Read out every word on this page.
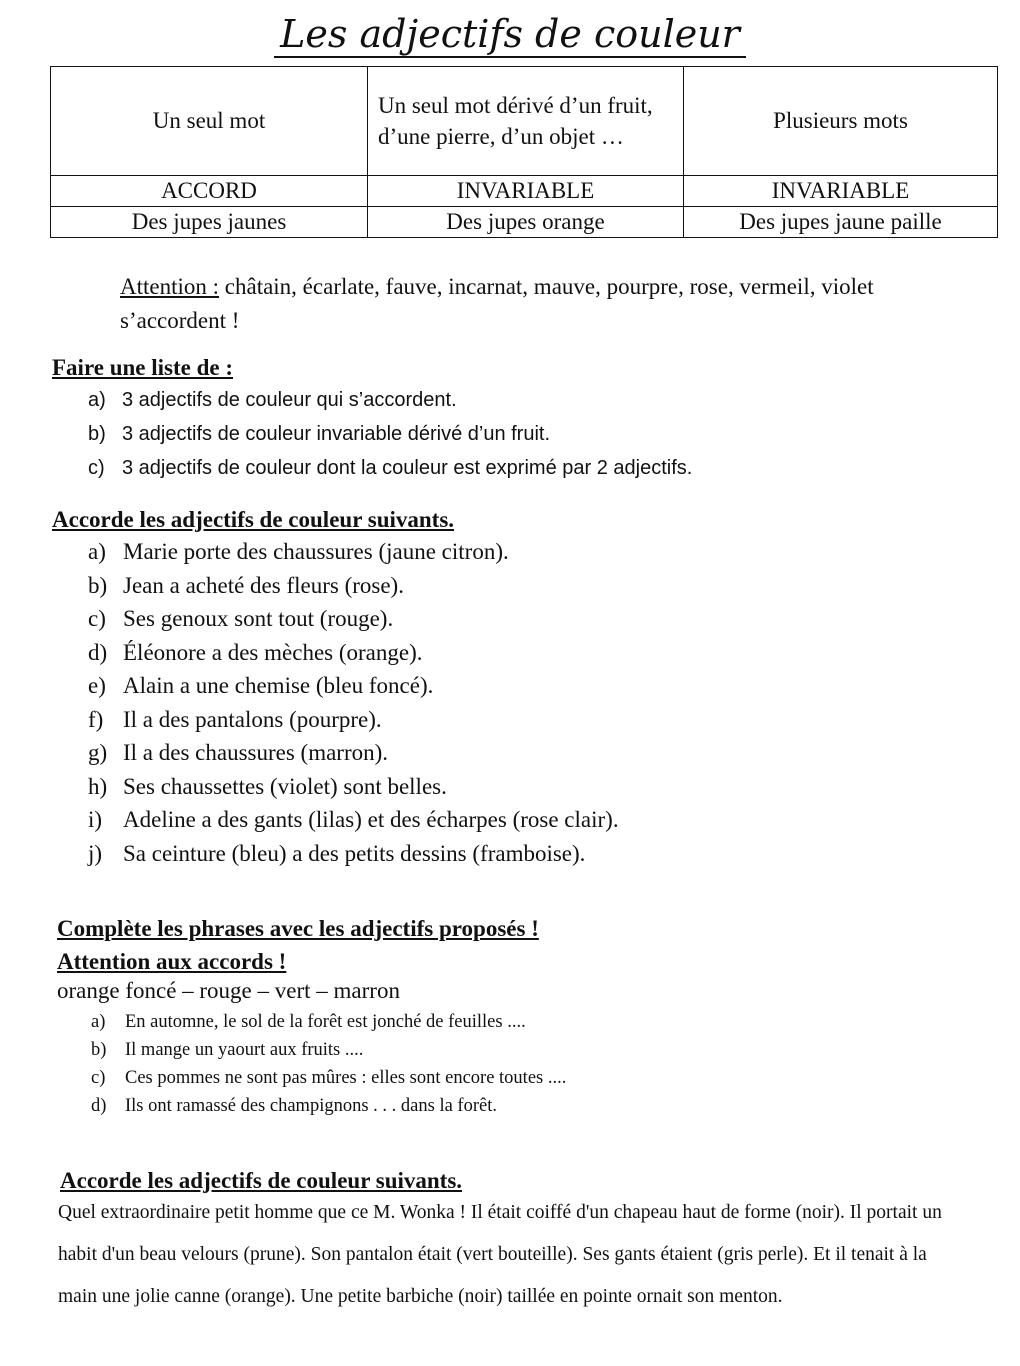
Les adjectifs de couleur
Un seul mot	Un seul mot dérivé d’un fruit, d’une pierre, d’un objet …	Plusieurs mots
ACCORD	INVARIABLE	INVARIABLE
Des jupes jaunes	Des jupes orange	Des jupes jaune paille
Attention : châtain, écarlate, fauve, incarnat, mauve, pourpre, rose, vermeil, violet s’accordent !
Faire une liste de :
a) 3 adjectifs de couleur qui s’accordent.
b) 3 adjectifs de couleur invariable dérivé d’un fruit.
c) 3 adjectifs de couleur dont la couleur est exprimé par 2 adjectifs.
Accorde les adjectifs de couleur suivants.
a) Marie porte des chaussures (jaune citron).
b) Jean a acheté des fleurs (rose).
c) Ses genoux sont tout (rouge).
d) Éléonore a des mèches (orange).
e) Alain a une chemise (bleu foncé).
f) Il a des pantalons (pourpre).
g) Il a des chaussures (marron).
h) Ses chaussettes (violet) sont belles.
i) Adeline a des gants (lilas) et des écharpes (rose clair).
j) Sa ceinture (bleu) a des petits dessins (framboise).
Complète les phrases avec les adjectifs proposés !
Attention aux accords !
orange foncé – rouge – vert – marron
a)	En automne, le sol de la forêt est jonché de feuilles ....
b)	Il mange un yaourt aux fruits ....
c)	Ces pommes ne sont pas mûres : elles sont encore toutes ....
d)	Ils ont ramassé des champignons . . . dans la forêt.
Accorde les adjectifs de couleur suivants.
Quel extraordinaire petit homme que ce M. Wonka ! Il était coiffé d'un chapeau haut de forme (noir). Il portait un habit d'un beau velours (prune). Son pantalon était (vert bouteille). Ses gants étaient (gris perle). Et il tenait à la main une jolie canne (orange). Une petite barbiche (noir) taillée en pointe ornait son menton.
